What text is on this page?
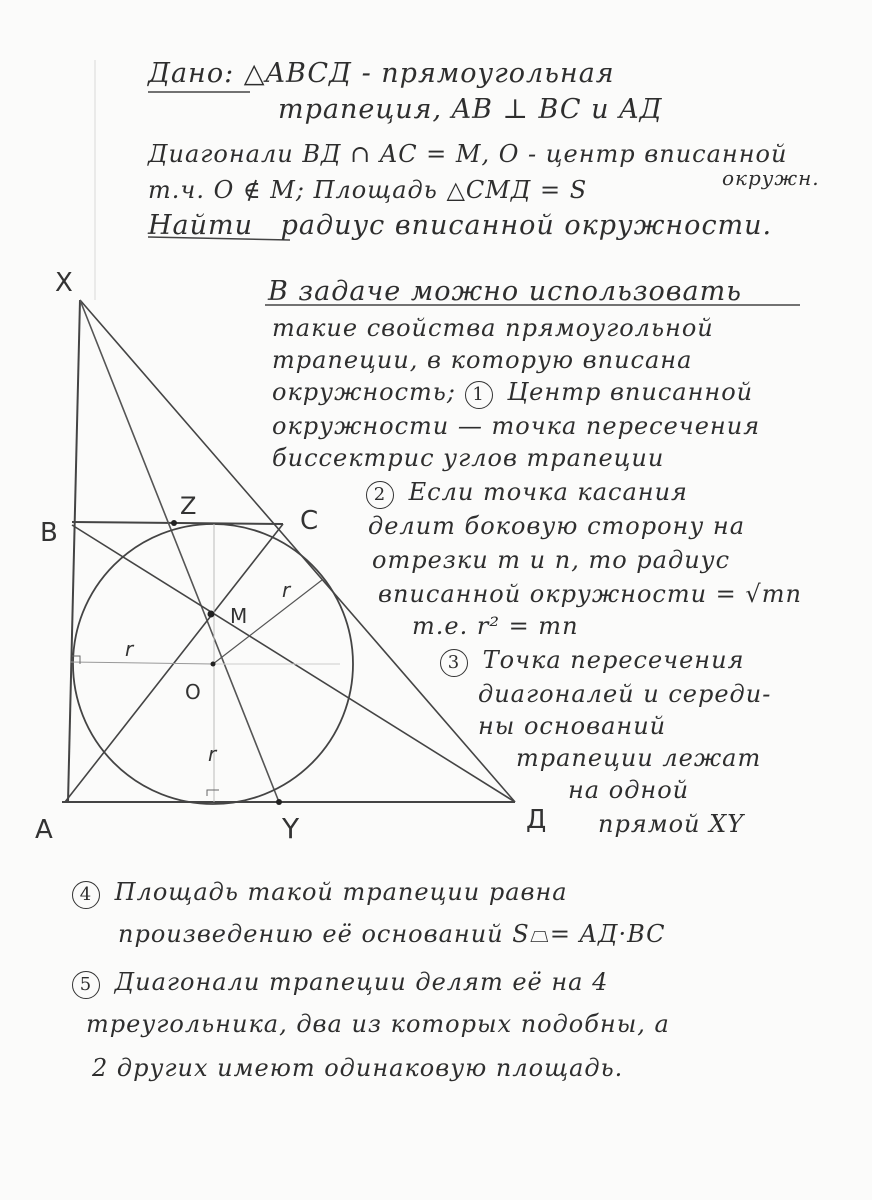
X
B	C
A	Д
Z
Y
M
O
r
r
r
Дано: △ABCД - прямоугольная
трапеция, AB ⊥ BC и AД
Диагонали BД ∩ AC = M, O - центр вписанной
окружн.
т.ч. O ∉ M; Площадь △CMД = S
Найти радиус вписанной окружности.
В задаче можно использовать
такие свойства прямоугольной
трапеции, в которую вписана
окружность; 1 Центр вписанной
окружности — точка пересечения
биссектрис углов трапеции
2 Если точка касания
делит боковую сторону на
отрезки m и n, то радиус
вписанной окружности = √mn
т.е. r² = mn
3 Точка пересечения
диагоналей и середи-
ны оснований
трапеции лежат
на одной
прямой XY
4 Площадь такой трапеции равна
произведению её оснований S⏢= AД·BC
5 Диагонали трапеции делят её на 4
треугольника, два из которых подобны, а
2 других имеют одинаковую площадь.
